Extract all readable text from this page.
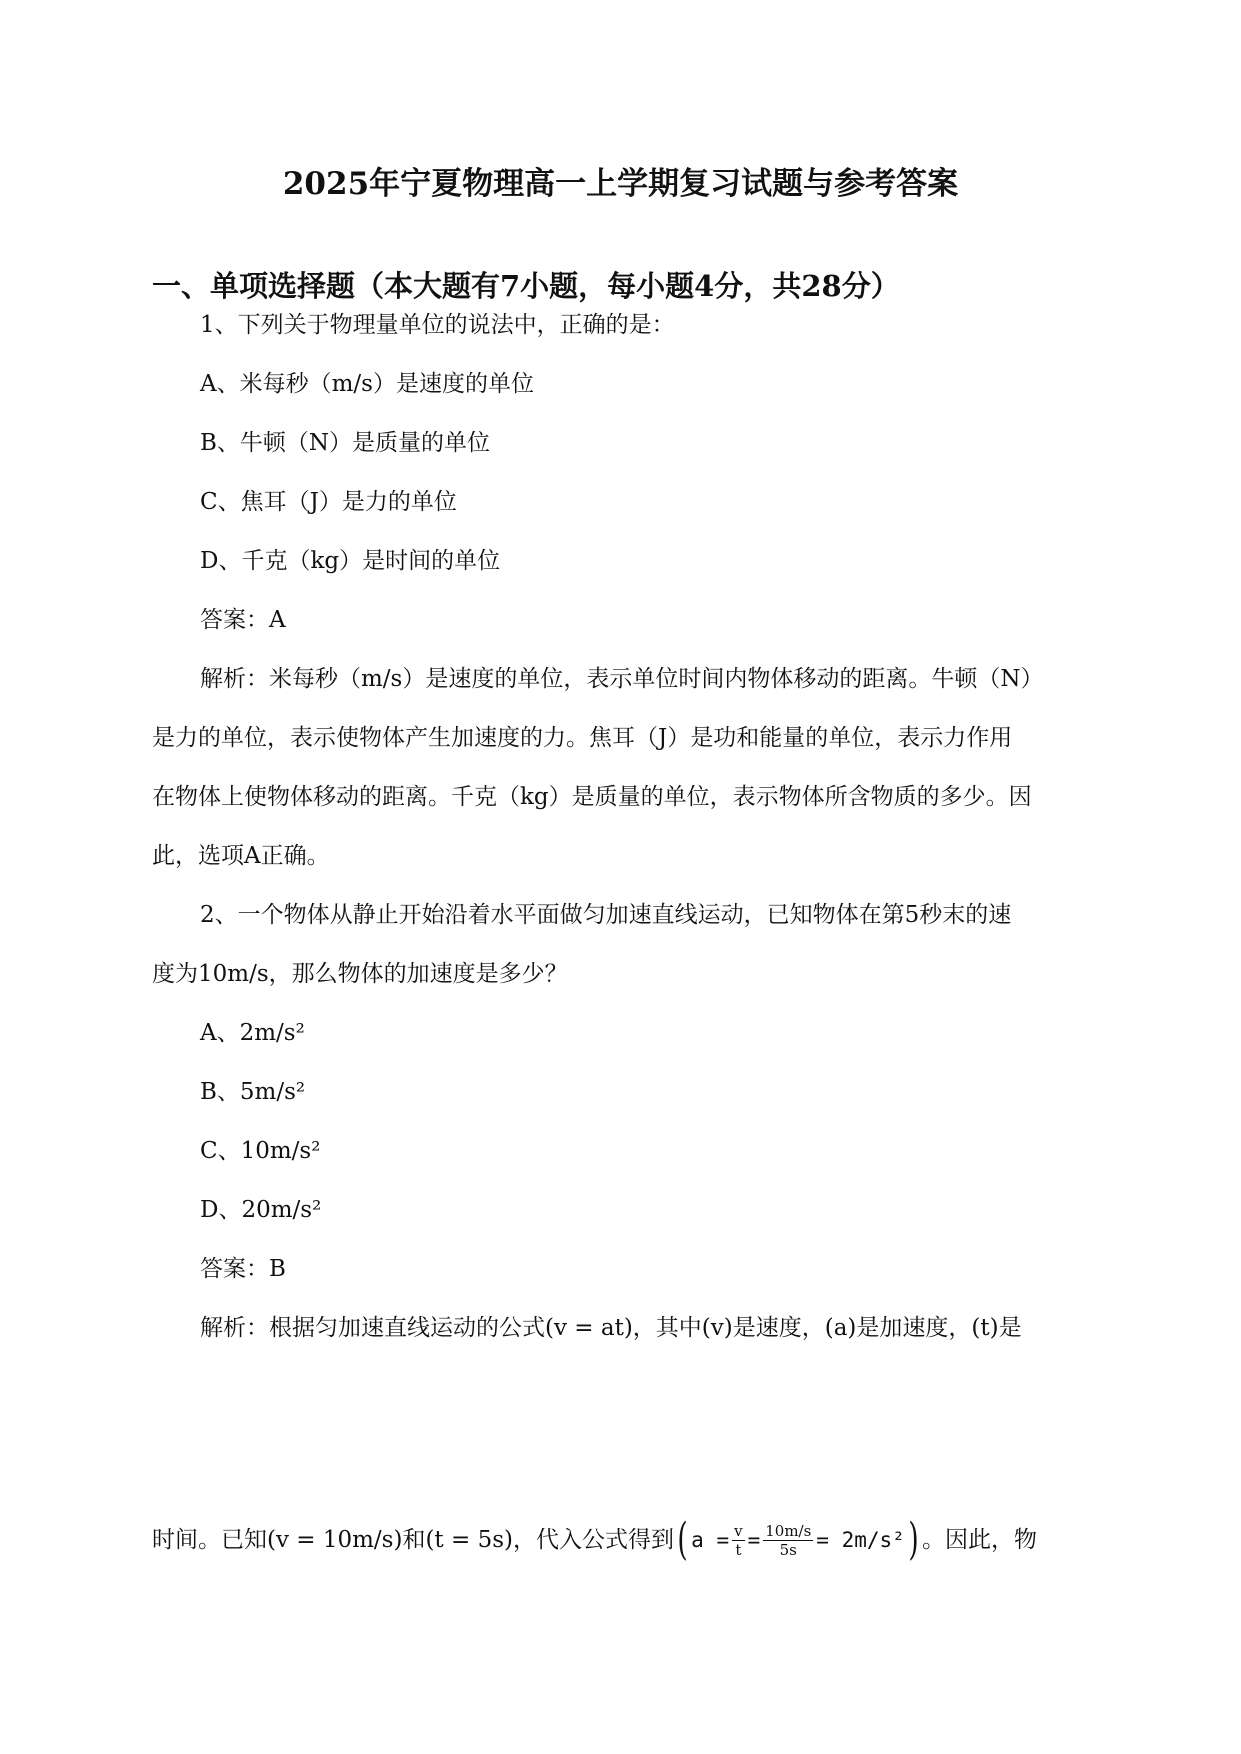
2025年宁夏物理高一上学期复习试题与参考答案
一、单项选择题（本大题有7小题，每小题4分，共28分）

1、下列关于物理量单位的说法中，正确的是：

A、米每秒（m/s）是速度的单位

B、牛顿（N）是质量的单位

C、焦耳（J）是力的单位

D、千克（kg）是时间的单位

答案：A

解析：米每秒（m/s）是速度的单位，表示单位时间内物体移动的距离。牛顿（N）

是力的单位，表示使物体产生加速度的力。焦耳（J）是功和能量的单位，表示力作用

在物体上使物体移动的距离。千克（kg）是质量的单位，表示物体所含物质的多少。因

此，选项A正确。

2、一个物体从静止开始沿着水平面做匀加速直线运动，已知物体在第5秒末的速

度为10m/s，那么物体的加速度是多少？

A、2m/s²

B、5m/s²

C、10m/s²

D、20m/s²

答案：B

解析：根据匀加速直线运动的公式(v = at)，其中(v)是速度，(a)是加速度，(t)是

时间。已知(v = 10m/s)和(t = 5s)，代入公式得到 ( $a = \frac{v}{t} = \frac{10m/s}{5s} = 2m/s^2$ ) 。因此，物
